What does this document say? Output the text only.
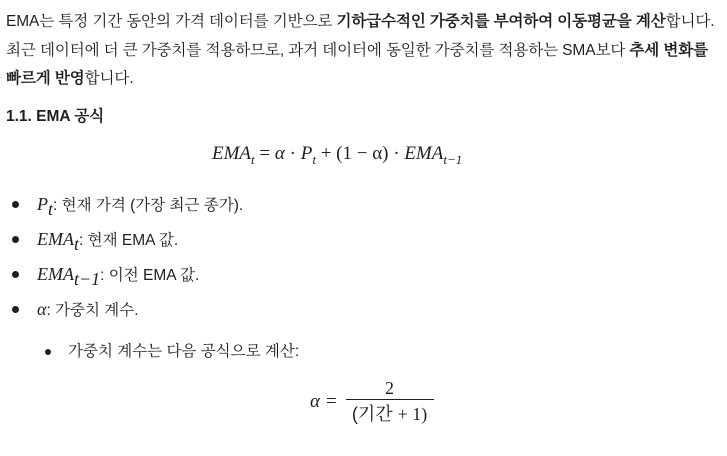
EMA는 특정 기간 동안의 가격 데이터를 기반으로 기하급수적인 가중치를 부여하여 이동평균을 계산합니다. 최근 데이터에 더 큰 가중치를 적용하므로, 과거 데이터에 동일한 가중치를 적용하는 SMA보다 추세 변화를 빠르게 반영합니다.

1.1. EMA 공식
$EMA_t = \alpha \cdot P_t + (1 - \alpha) \cdot EMA_{t-1}$
Pt: 현재 가격 (가장 최근 종가).
EMAt: 현재 EMA 값.
EMAt−1: 이전 EMA 값.
α: 가중치 계수.
가중치 계수는 다음 공식으로 계산:
$\alpha = \frac{2}{\text{(기간 + 1)}}$
